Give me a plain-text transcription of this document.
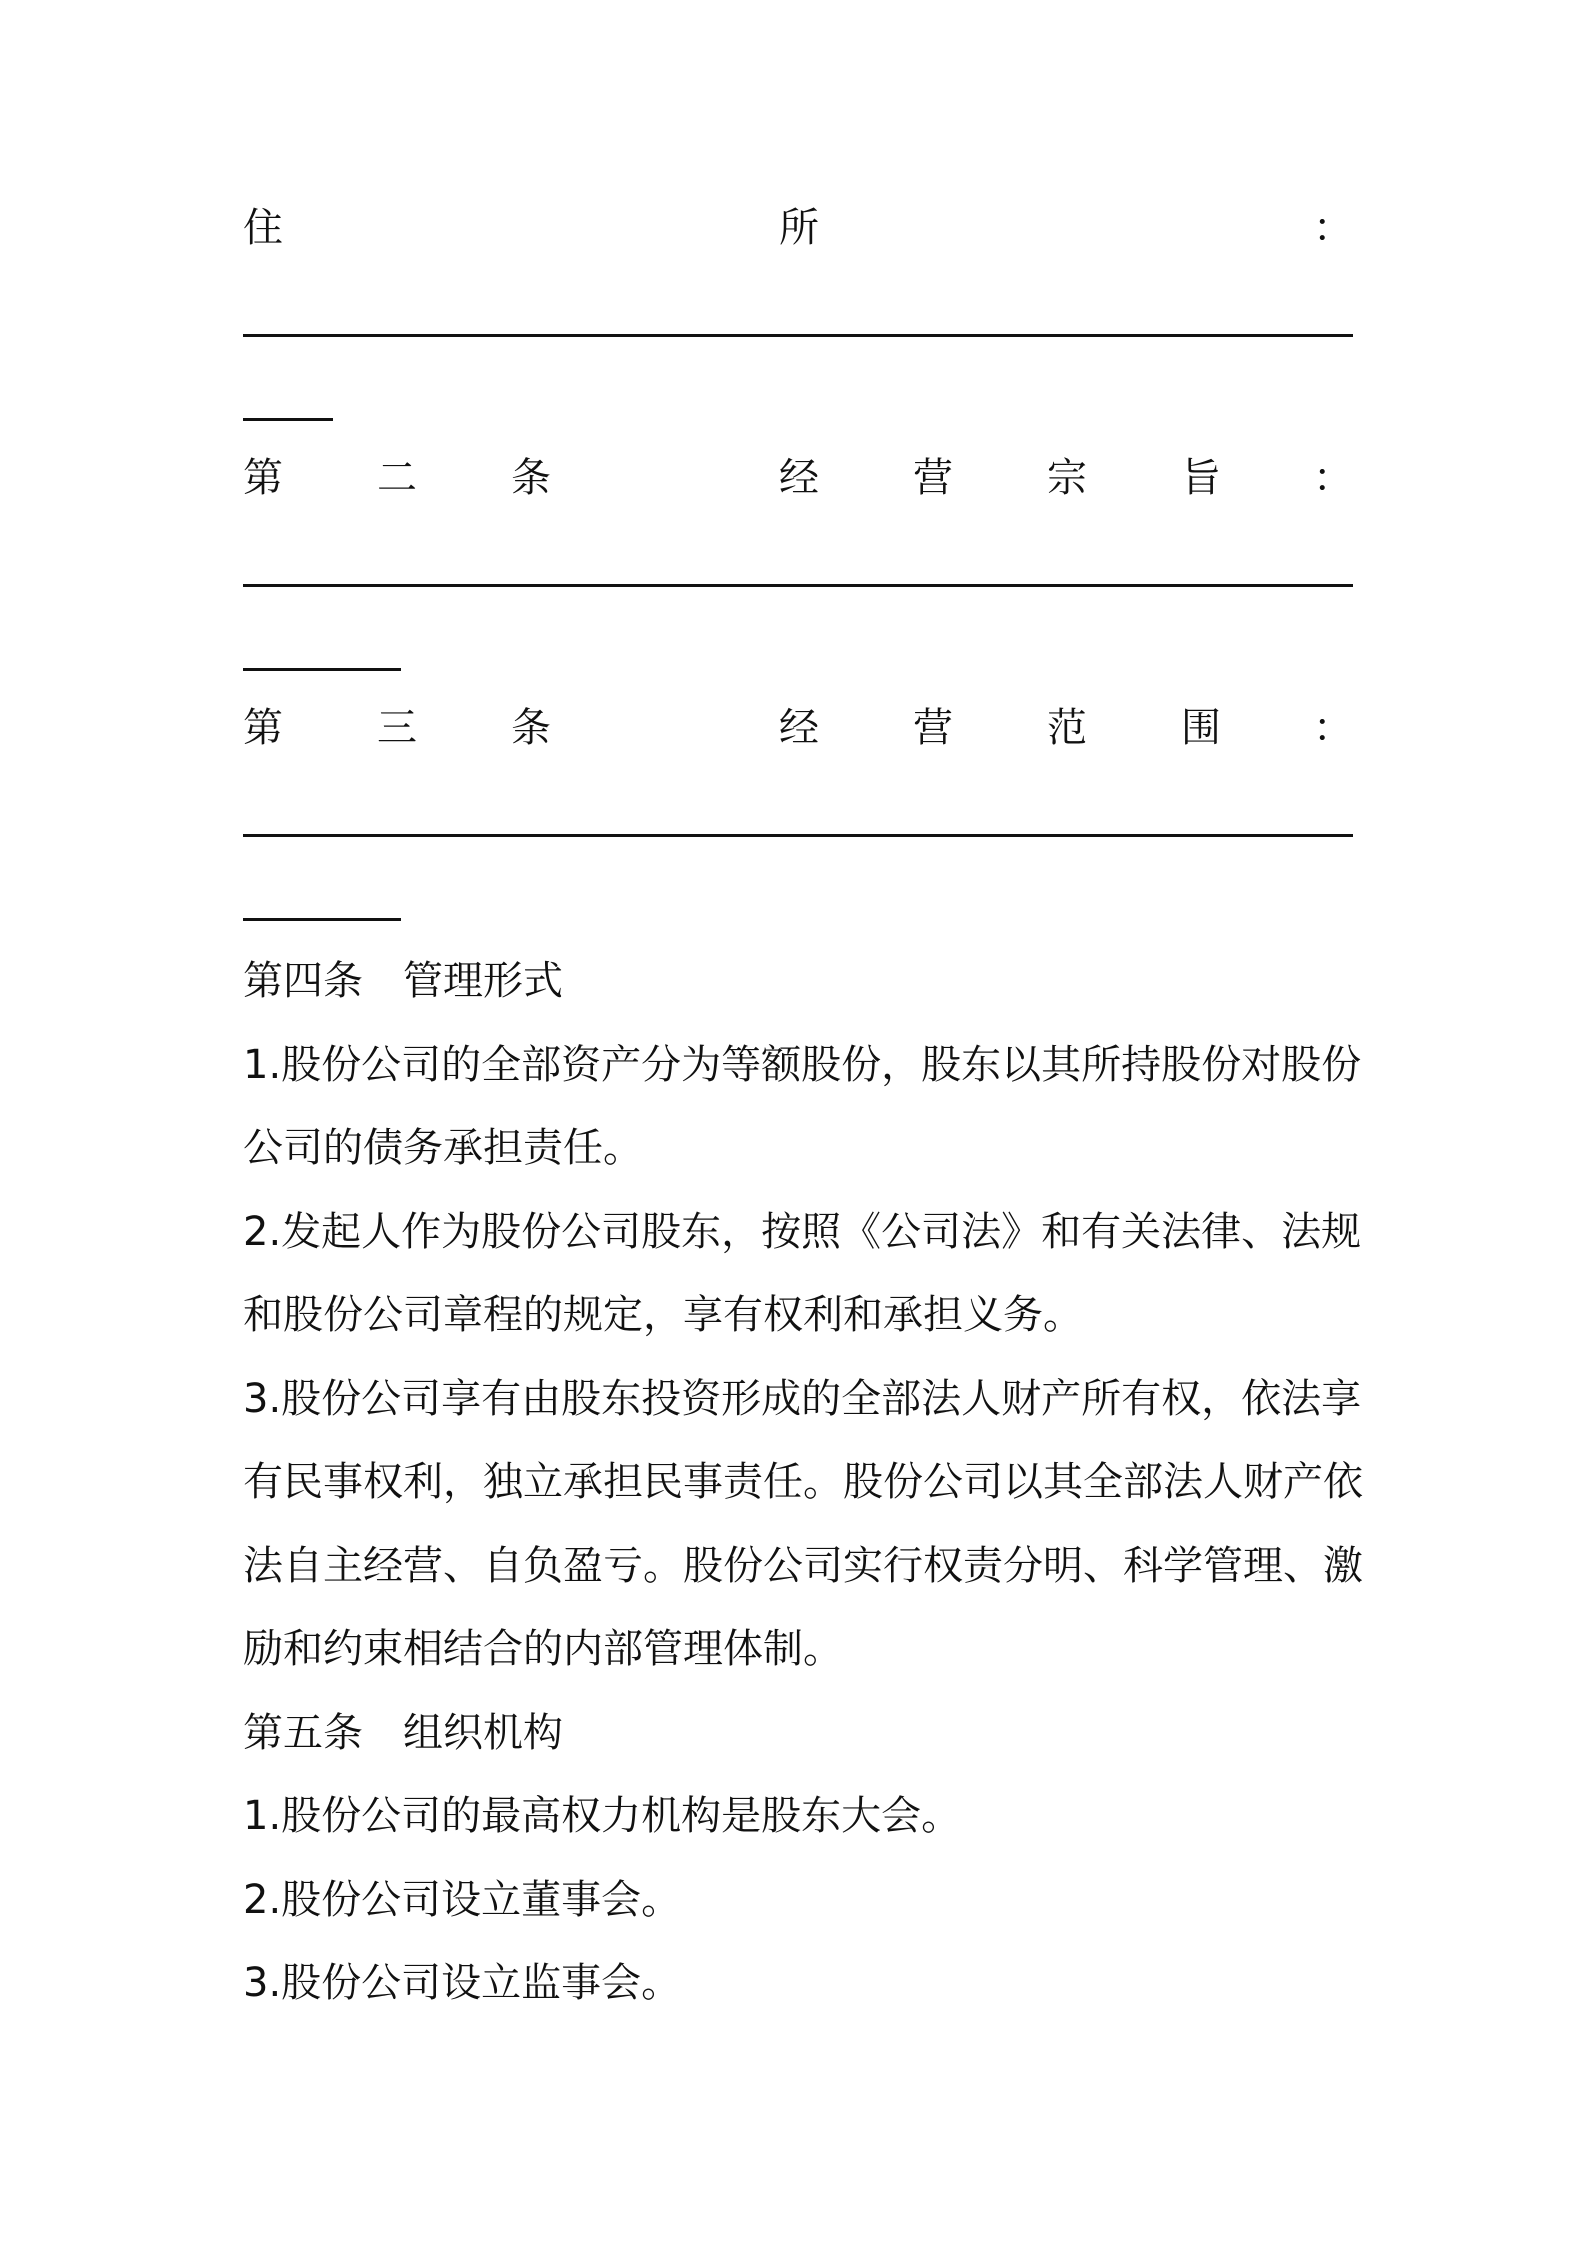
住	所	：
第 二 条	经 营 宗 旨 ：
第 三 条	经 营 范 围 ：
第四条　管理形式
1.股份公司的全部资产分为等额股份，股东以其所持股份对股份
公司的债务承担责任。
2.发起人作为股份公司股东，按照《公司法》和有关法律、法规
和股份公司章程的规定，享有权利和承担义务。
3.股份公司享有由股东投资形成的全部法人财产所有权，依法享
有民事权利，独立承担民事责任。股份公司以其全部法人财产依
法自主经营、自负盈亏。股份公司实行权责分明、科学管理、激
励和约束相结合的内部管理体制。
第五条　组织机构
1.股份公司的最高权力机构是股东大会。
2.股份公司设立董事会。
3.股份公司设立监事会。
